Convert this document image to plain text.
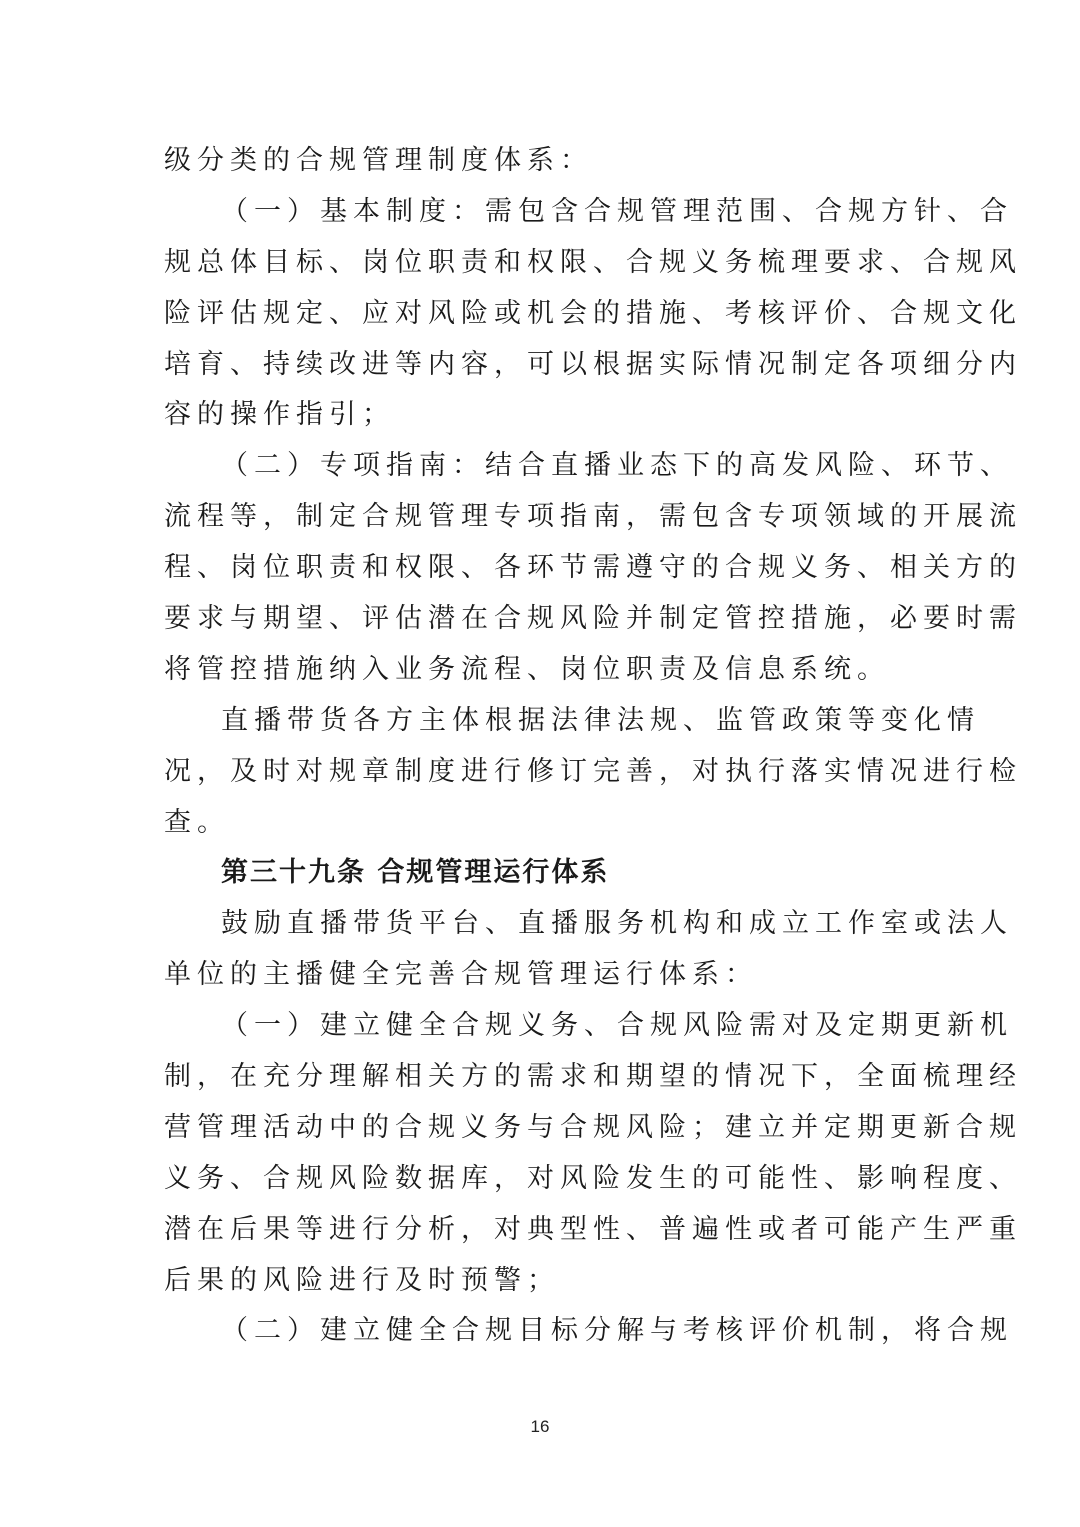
级分类的合规管理制度体系：
（一）基本制度：需包含合规管理范围、合规方针、合
规总体目标、岗位职责和权限、合规义务梳理要求、合规风
险评估规定、应对风险或机会的措施、考核评价、合规文化
培育、持续改进等内容，可以根据实际情况制定各项细分内
容的操作指引；
（二）专项指南：结合直播业态下的高发风险、环节、
流程等，制定合规管理专项指南，需包含专项领域的开展流
程、岗位职责和权限、各环节需遵守的合规义务、相关方的
要求与期望、评估潜在合规风险并制定管控措施，必要时需
将管控措施纳入业务流程、岗位职责及信息系统。
直播带货各方主体根据法律法规、监管政策等变化情
况，及时对规章制度进行修订完善，对执行落实情况进行检
查。
第三十九条 合规管理运行体系
鼓励直播带货平台、直播服务机构和成立工作室或法人
单位的主播健全完善合规管理运行体系：
（一）建立健全合规义务、合规风险需对及定期更新机
制，在充分理解相关方的需求和期望的情况下，全面梳理经
营管理活动中的合规义务与合规风险；建立并定期更新合规
义务、合规风险数据库，对风险发生的可能性、影响程度、
潜在后果等进行分析，对典型性、普遍性或者可能产生严重
后果的风险进行及时预警；
（二）建立健全合规目标分解与考核评价机制，将合规
16
